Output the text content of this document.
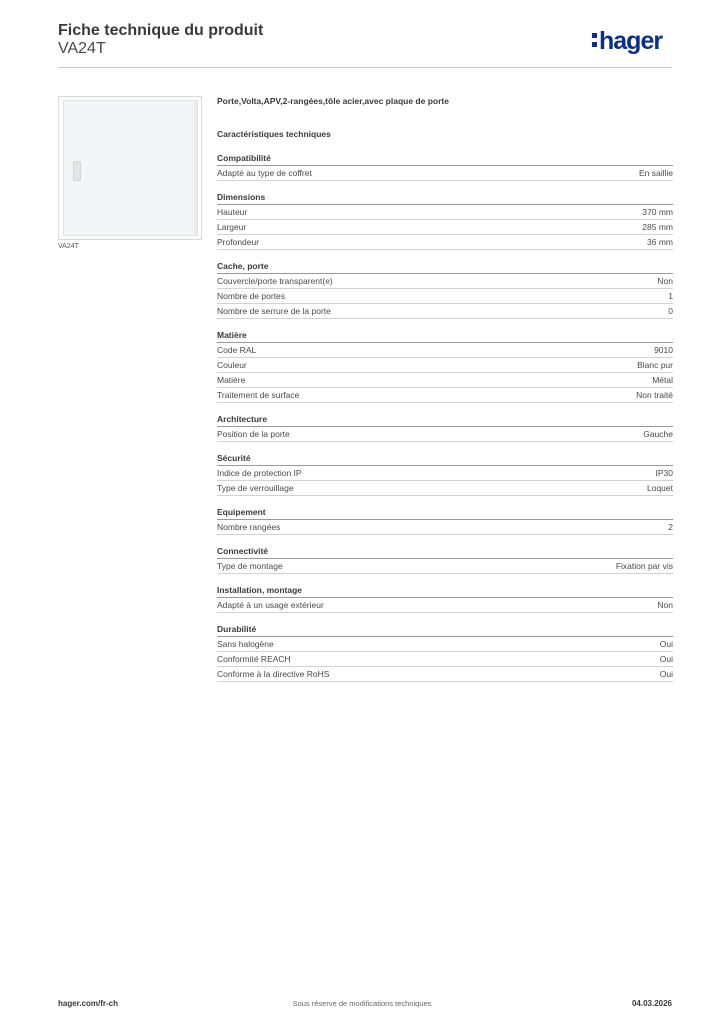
Fiche technique du produit
VA24T	hager
VA24T
Porte,Volta,APV,2-rangées,tôle acier,avec plaque de porte
Caractéristiques techniques
Compatibilité
Adapté au type de coffret	En saillie
Dimensions
Hauteur	370 mm
Largeur	285 mm
Profondeur	36 mm
Cache, porte
Couvercle/porte transparent(e)	Non
Nombre de portes	1
Nombre de serrure de la porte	0
Matière
Code RAL	9010
Couleur	Blanc pur
Matière	Métal
Traitement de surface	Non traité
Architecture
Position de la porte	Gauche
Sécurité
Indice de protection IP	IP30
Type de verrouillage	Loquet
Equipement
Nombre rangées	2
Connectivité
Type de montage	Fixation par vis
Installation, montage
Adapté à un usage extérieur	Non
Durabilité
Sans halogène	Oui
Conformité REACH	Oui
Conforme à la directive RoHS	Oui
hager.com/fr-ch	Sous réserve de modifications techniques	04.03.2026
